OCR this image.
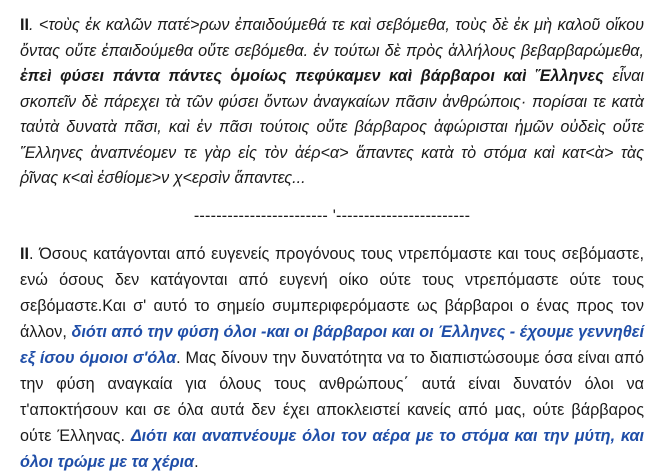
ΙΙ. <τοὺς ἐκ καλῶν πατέ>ρων ἐπαιδούμεθά τε καὶ σεβόμεθα, τοὺς δὲ ἐκ μὴ καλοῦ οἴκου ὄντας οὔτε ἐπαιδούμεθα οὔτε σεβόμεθα. ἐν τούτωι δὲ πρὸς ἀλλήλους βεβαρβαρώμεθα, ἐπεὶ φύσει πάντα πάντες ὁμοίως πεφύκαμεν καὶ βάρβαροι καὶ Ἕλληνες εἶναι σκοπεῖν δὲ πάρεχει τὰ τῶν φύσει ὄντων ἀναγκαίων πᾶσιν ἀνθρώποις· πορίσαι τε κατὰ ταὐτὰ δυνατὰ πᾶσι, καὶ ἐν πᾶσι τούτοις οὔτε βάρβαρος ἀφώρισται ἡμῶν οὐδεὶς οὔτε Ἕλληνες ἀναπνέομεν τε γὰρ εἰς τὸν ἀέρ<α> ἅπαντες κατὰ τὸ στόμα καὶ κατ<ὰ> τὰς ῥῖνας κ<αὶ ἐσθίομε>ν χ<ερσὶν ἅπαντες...

------------------------ '------------------------

ΙΙ. Όσους κατάγονται από ευγενείς προγόνους τους ντρεπόμαστε και τους σεβόμαστε, ενώ όσους δεν κατάγονται από ευγενή οίκο ούτε τους ντρεπόμαστε ούτε τους σεβόμαστε.Και σ' αυτό το σημείο συμπεριφερόμαστε ως βάρβαροι ο ένας προς τον άλλον, διότι από την φύση όλοι -και οι βάρβαροι και οι Έλληνες - έχουμε γεννηθεί εξ ίσου όμοιοι σ'όλα. Μας δίνουν την δυνατότητα να το διαπιστώσουμε όσα είναι από την φύση αναγκαία για όλους τους ανθρώπους΄ αυτά είναι δυνατόν όλοι να τ'αποκτήσουν και σε όλα αυτά δεν έχει αποκλειστεί κανείς από μας, ούτε βάρβαρος ούτε Έλληνας. Διότι και αναπνέουμε όλοι τον αέρα με το στόμα και την μύτη, και όλοι τρώμε με τα χέρια.
